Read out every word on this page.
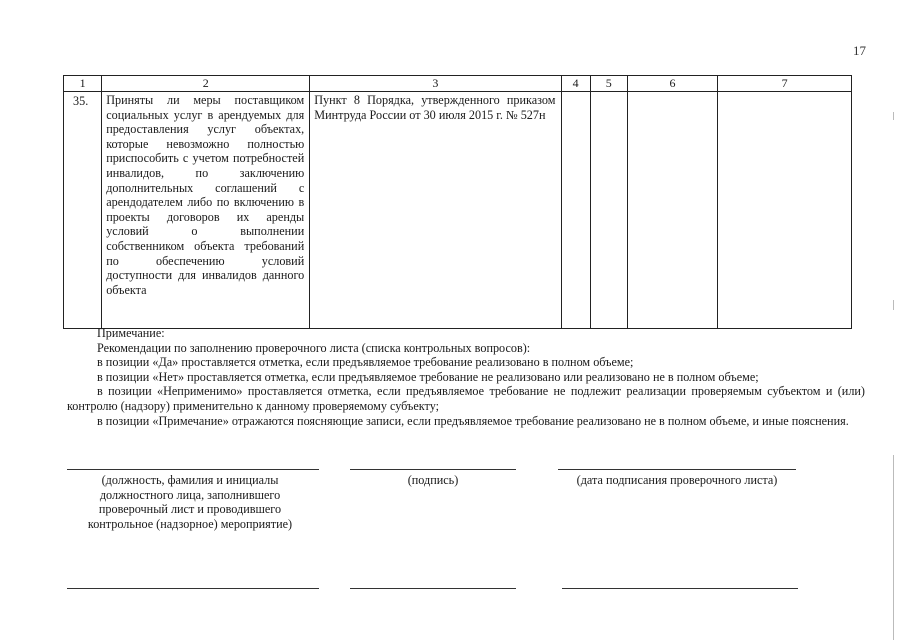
17
1	2	3	4	5	6	7
35.	Приняты ли меры поставщиком социальных услуг в арендуемых для предоставления услуг объектах, которые невозможно полностью приспособить с учетом потребностей инвалидов, по заключению дополнительных соглашений с арендодателем либо по включению в проекты договоров их аренды условий о выполнении собственником объекта требований по обеспечению условий доступности для инвалидов данного объекта	Пункт 8 Порядка, утвержденного приказом Минтруда России от 30 июля 2015 г. № 527н				

Примечание:

Рекомендации по заполнению проверочного листа (списка контрольных вопросов):

в позиции «Да» проставляется отметка, если предъявляемое требование реализовано в полном объеме;

в позиции «Нет» проставляется отметка, если предъявляемое требование не реализовано или реализовано не в полном объеме;

в позиции «Неприменимо» проставляется отметка, если предъявляемое требование не подлежит реализации проверяемым субъектом и (или) контролю (надзору) применительно к данному проверяемому субъекту;

в позиции «Примечание» отражаются поясняющие записи, если предъявляемое требование реализовано не в полном объеме, и иные пояснения.

(должность, фамилия и инициалы должностного лица, заполнившего проверочный лист и проводившего контрольное (надзорное) мероприятие)
(подпись)	(дата подписания проверочного листа)
